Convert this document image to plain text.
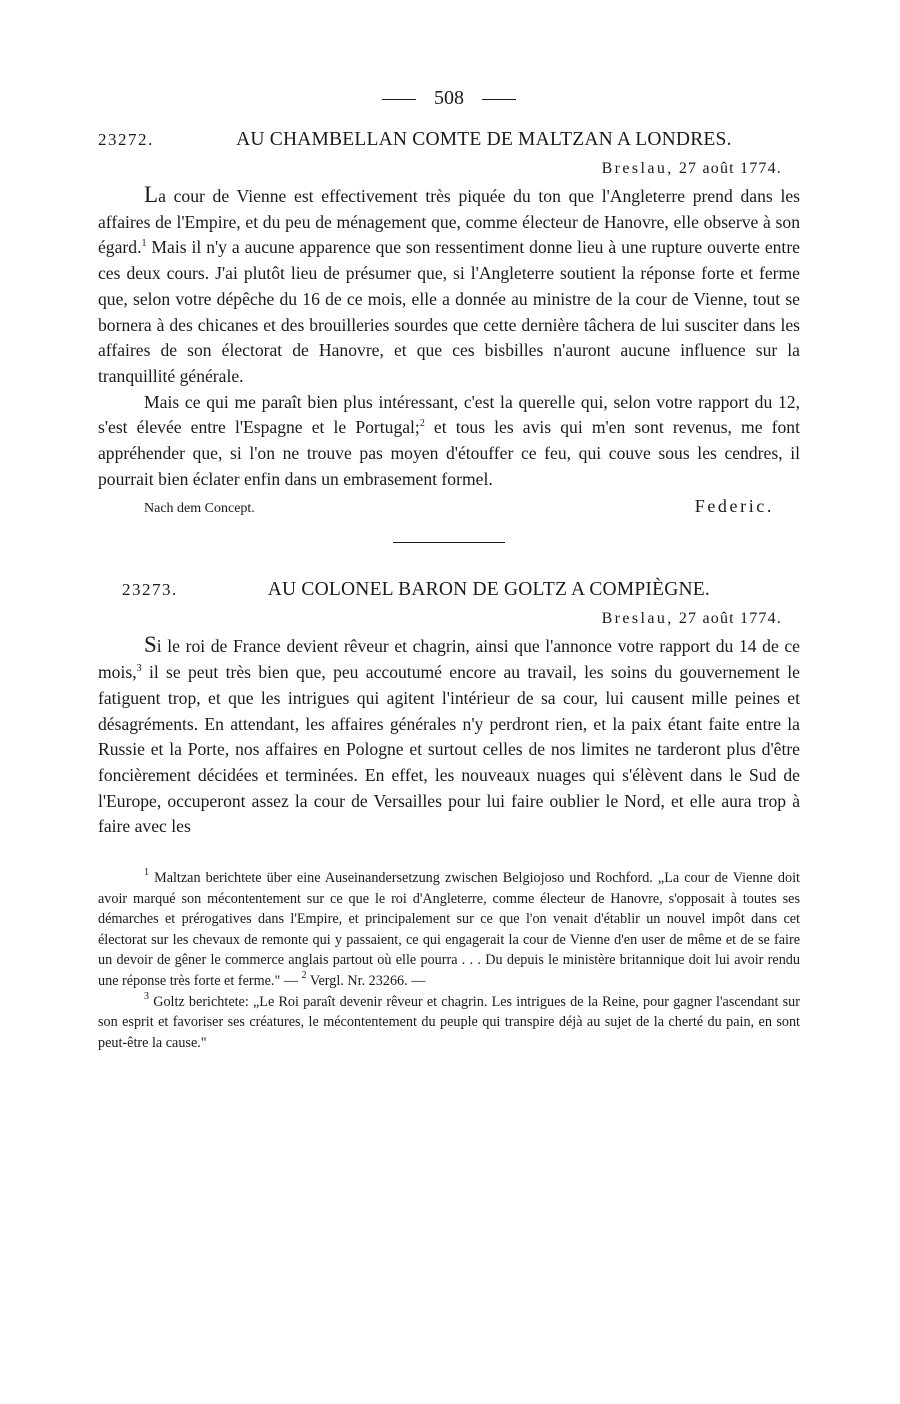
508
23272.	AU CHAMBELLAN COMTE DE MALTZAN A LONDRES.
Breslau, 27 août 1774.

La cour de Vienne est effectivement très piquée du ton que l'Angleterre prend dans les affaires de l'Empire, et du peu de ménagement que, comme électeur de Hanovre, elle observe à son égard.$^1$ Mais il n'y a aucune apparence que son ressentiment donne lieu à une rupture ouverte entre ces deux cours. J'ai plutôt lieu de présumer que, si l'Angleterre soutient la réponse forte et ferme que, selon votre dépêche du 16 de ce mois, elle a donnée au ministre de la cour de Vienne, tout se bornera à des chicanes et des brouilleries sourdes que cette dernière tâchera de lui susciter dans les affaires de son électorat de Hanovre, et que ces bisbilles n'auront aucune influence sur la tranquillité générale.

Mais ce qui me paraît bien plus intéressant, c'est la querelle qui, selon votre rapport du 12, s'est élevée entre l'Espagne et le Portugal;$^2$ et tous les avis qui m'en sont revenus, me font appréhender que, si l'on ne trouve pas moyen d'étouffer ce feu, qui couve sous les cendres, il pourrait bien éclater enfin dans un embrasement formel.

Nach dem Concept.	Federic.
23273.	AU COLONEL BARON DE GOLTZ A COMPIÈGNE.
Breslau, 27 août 1774.

Si le roi de France devient rêveur et chagrin, ainsi que l'annonce votre rapport du 14 de ce mois,$^3$ il se peut très bien que, peu accoutumé encore au travail, les soins du gouvernement le fatiguent trop, et que les intrigues qui agitent l'intérieur de sa cour, lui causent mille peines et désagréments. En attendant, les affaires générales n'y perdront rien, et la paix étant faite entre la Russie et la Porte, nos affaires en Pologne et surtout celles de nos limites ne tarderont plus d'être foncièrement décidées et terminées. En effet, les nouveaux nuages qui s'élèvent dans le Sud de l'Europe, occuperont assez la cour de Versailles pour lui faire oublier le Nord, et elle aura trop à faire avec les

$^1$ Maltzan berichtete über eine Auseinandersetzung zwischen Belgiojoso und Rochford. „La cour de Vienne doit avoir marqué son mécontentement sur ce que le roi d'Angleterre, comme électeur de Hanovre, s'opposait à toutes ses démarches et prérogatives dans l'Empire, et principalement sur ce que l'on venait d'établir un nouvel impôt dans cet électorat sur les chevaux de remonte qui y passaient, ce qui engagerait la cour de Vienne d'en user de même et de se faire un devoir de gêner le commerce anglais partout où elle pourra . . . Du depuis le ministère britannique doit lui avoir rendu une réponse très forte et ferme." — $^2$ Vergl. Nr. 23266. —

$^3$ Goltz berichtete: „Le Roi paraît devenir rêveur et chagrin. Les intrigues de la Reine, pour gagner l'ascendant sur son esprit et favoriser ses créatures, le mécontentement du peuple qui transpire déjà au sujet de la cherté du pain, en sont peut-être la cause."
